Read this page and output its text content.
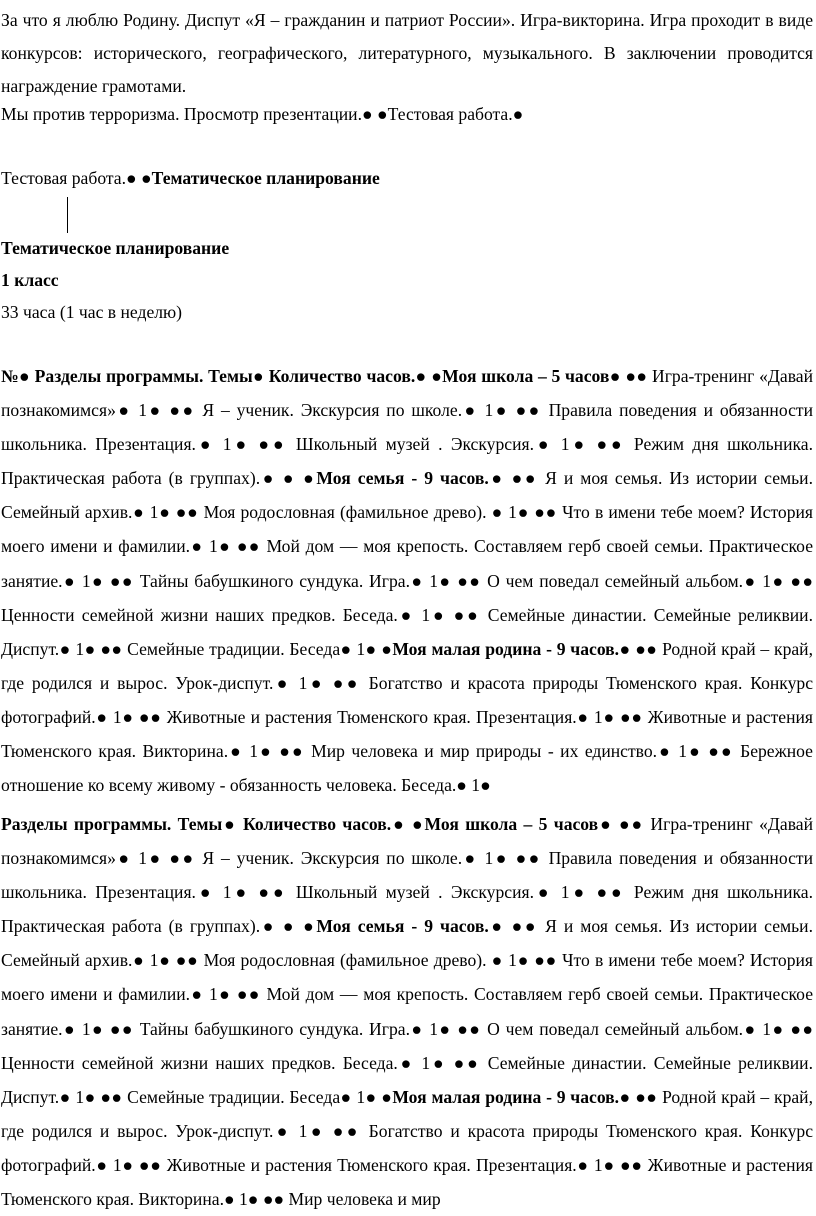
За что я люблю Родину. Диспут «Я – гражданин и патриот России». Игра-викторина. Игра проходит в виде конкурсов: исторического, географического, литературного, музыкального. В заключении проводится награждение грамотами.

Мы против терроризма. Просмотр презентации.● ●Тестовая работа.●

Тестовая работа.● ●Тематическое планирование

Тематическое планирование

1 класс

33 часа (1 час в неделю)

№● Разделы программы. Темы● Количество часов.● ●Моя школа – 5 часов● ●● Игра-тренинг «Давай познакомимся»● 1● ●● Я – ученик. Экскурсия по школе.● 1● ●● Правила поведения и обязанности школьника. Презентация.● 1● ●● Школьный музей . Экскурсия.● 1● ●● Режим дня школьника. Практическая работа (в группах).● ● ●Моя семья - 9 часов.● ●● Я и моя семья. Из истории семьи. Семейный архив.● 1● ●● Моя родословная (фамильное древо). ● 1● ●● Что в имени тебе моем? История моего имени и фамилии.● 1● ●● Мой дом — моя крепость. Составляем герб своей семьи. Практическое занятие.● 1● ●● Тайны бабушкиного сундука. Игра.● 1● ●● О чем поведал семейный альбом.● 1● ●● Ценности семейной жизни наших предков. Беседа.● 1● ●● Семейные династии. Семейные реликвии. Диспут.● 1● ●● Семейные традиции. Беседа● 1● ●Моя малая родина - 9 часов.● ●● Родной край – край, где родился и вырос. Урок-диспут.● 1● ●● Богатство и красота природы Тюменского края. Конкурс фотографий.● 1● ●● Животные и растения Тюменского края. Презентация.● 1● ●● Животные и растения Тюменского края. Викторина.● 1● ●● Мир человека и мир природы - их единство.● 1● ●● Бережное отношение ко всему живому - обязанность человека. Беседа.● 1●

Разделы программы. Темы● Количество часов.● ●Моя школа – 5 часов● ●● Игра-тренинг «Давай познакомимся»● 1● ●● Я – ученик. Экскурсия по школе.● 1● ●● Правила поведения и обязанности школьника. Презентация.● 1● ●● Школьный музей . Экскурсия.● 1● ●● Режим дня школьника. Практическая работа (в группах).● ● ●Моя семья - 9 часов.● ●● Я и моя семья. Из истории семьи. Семейный архив.● 1● ●● Моя родословная (фамильное древо). ● 1● ●● Что в имени тебе моем? История моего имени и фамилии.● 1● ●● Мой дом — моя крепость. Составляем герб своей семьи. Практическое занятие.● 1● ●● Тайны бабушкиного сундука. Игра.● 1● ●● О чем поведал семейный альбом.● 1● ●● Ценности семейной жизни наших предков. Беседа.● 1● ●● Семейные династии. Семейные реликвии. Диспут.● 1● ●● Семейные традиции. Беседа● 1● ●Моя малая родина - 9 часов.● ●● Родной край – край, где родился и вырос. Урок-диспут.● 1● ●● Богатство и красота природы Тюменского края. Конкурс фотографий.● 1● ●● Животные и растения Тюменского края. Презентация.● 1● ●● Животные и растения Тюменского края. Викторина.● 1● ●● Мир человека и мир
